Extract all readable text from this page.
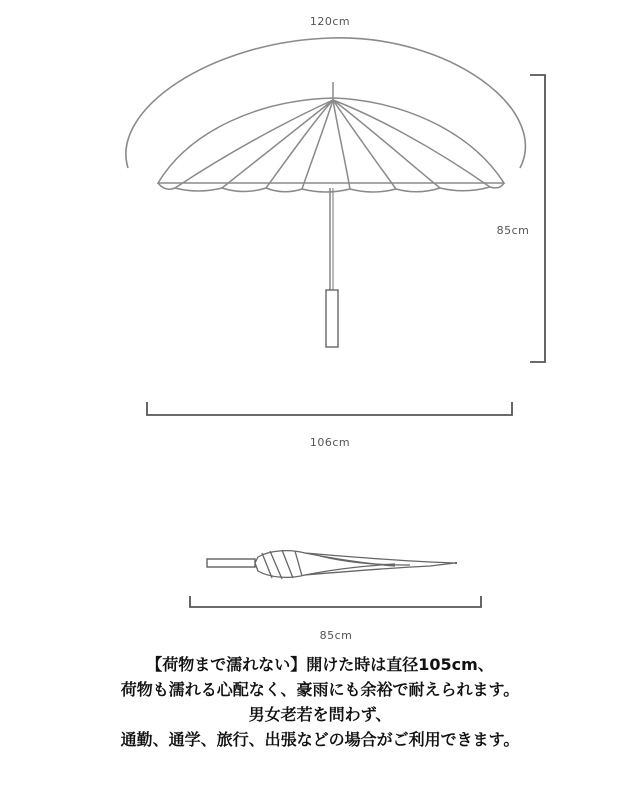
120cm
85cm
106cm
85cm
【荷物まで濡れない】開けた時は直径105cm、
荷物も濡れる心配なく、豪雨にも余裕で耐えられます。
男女老若を問わず、
通勤、通学、旅行、出張などの場合がご利用できます。
